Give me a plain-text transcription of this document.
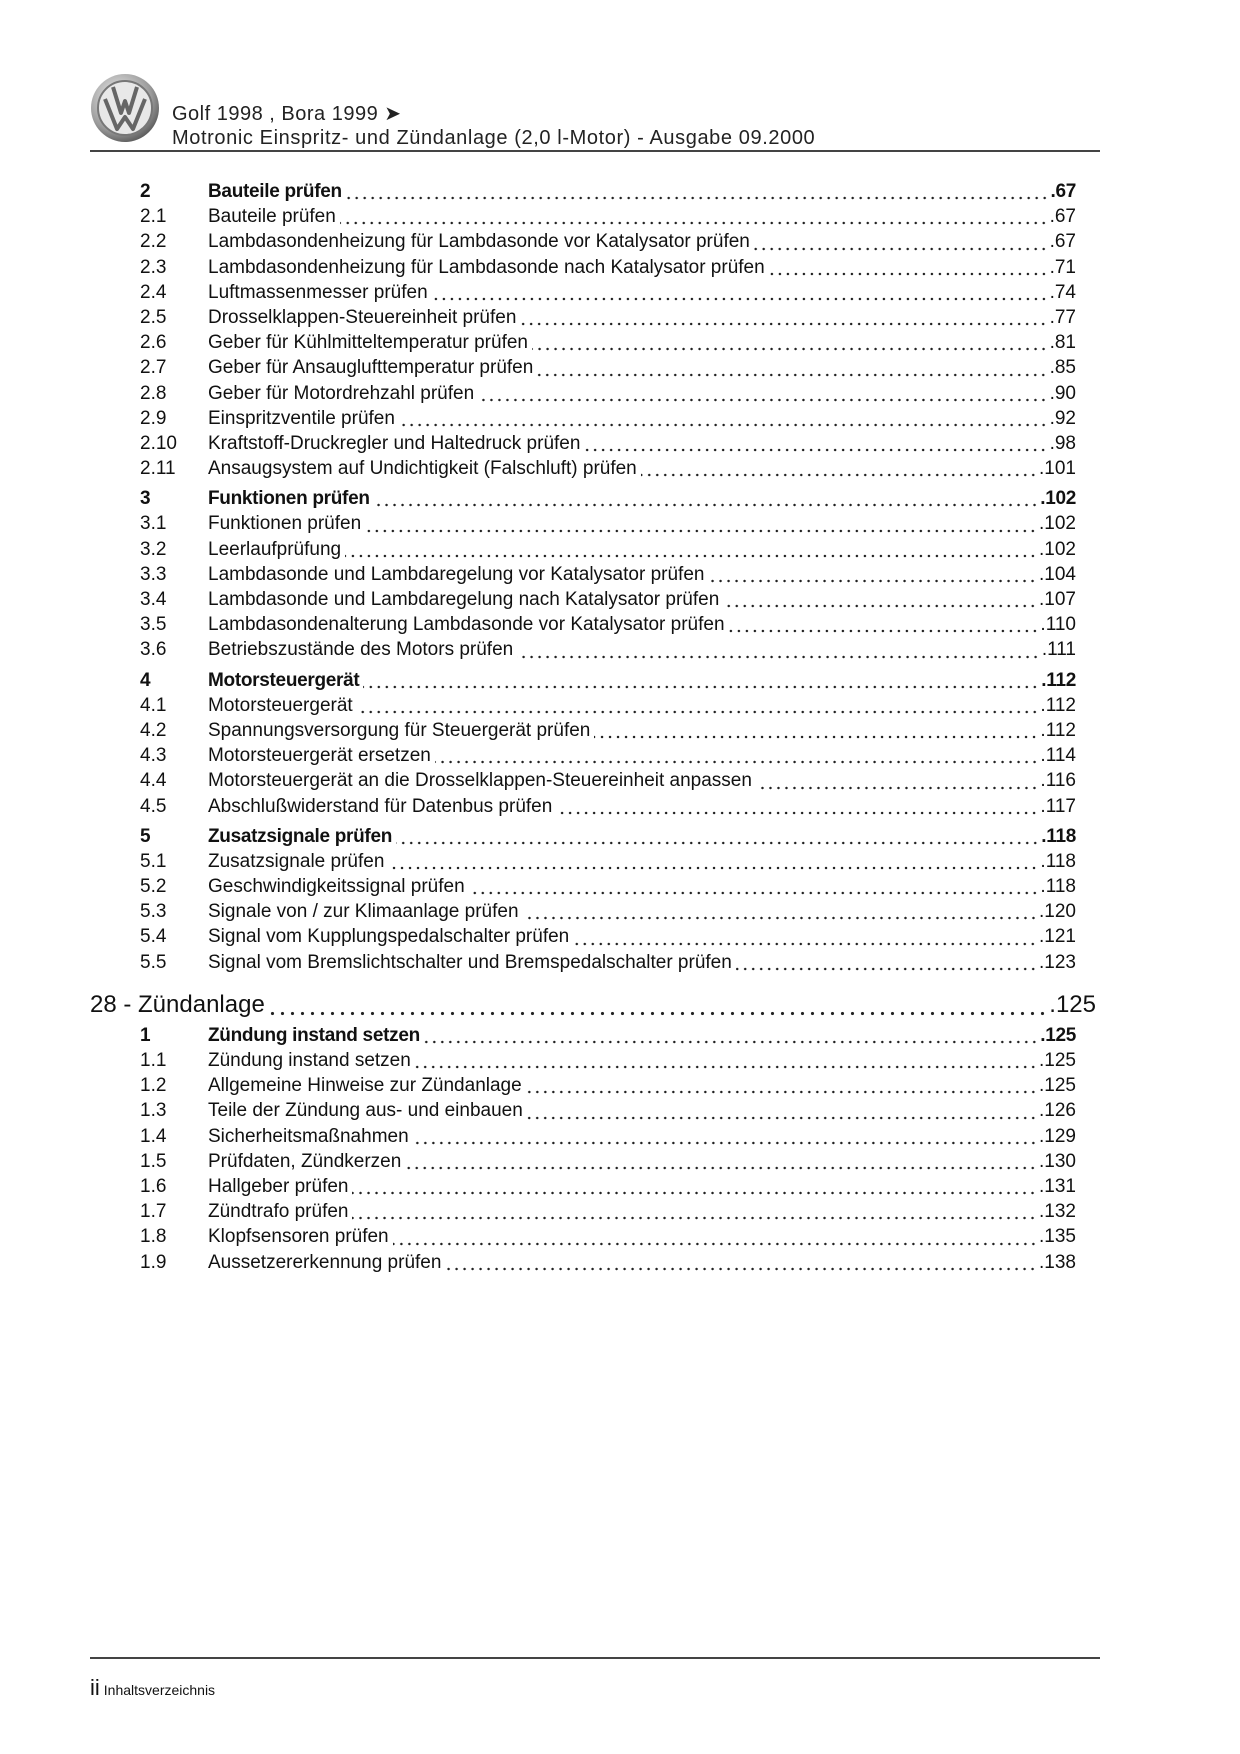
Golf 1998 , Bora 1999 ➤
Motronic Einspritz- und Zündanlage (2,0 l-Motor) - Ausgabe 09.2000
2	Bauteile prüfen	.67
2.1	Bauteile prüfen	.67
2.2	Lambdasondenheizung für Lambdasonde vor Katalysator prüfen	.67
2.3	Lambdasondenheizung für Lambdasonde nach Katalysator prüfen	.71
2.4	Luftmassenmesser prüfen	.74
2.5	Drosselklappen-Steuereinheit prüfen	.77
2.6	Geber für Kühlmitteltemperatur prüfen	.81
2.7	Geber für Ansauglufttemperatur prüfen	.85
2.8	Geber für Motordrehzahl prüfen	.90
2.9	Einspritzventile prüfen	.92
2.10	Kraftstoff-Druckregler und Haltedruck prüfen	.98
2.11	Ansaugsystem auf Undichtigkeit (Falschluft) prüfen	.101
3	Funktionen prüfen	.102
3.1	Funktionen prüfen	.102
3.2	Leerlaufprüfung	.102
3.3	Lambdasonde und Lambdaregelung vor Katalysator prüfen	.104
3.4	Lambdasonde und Lambdaregelung nach Katalysator prüfen	.107
3.5	Lambdasondenalterung Lambdasonde vor Katalysator prüfen	.110
3.6	Betriebszustände des Motors prüfen	.111
4	Motorsteuergerät	.112
4.1	Motorsteuergerät	.112
4.2	Spannungsversorgung für Steuergerät prüfen	.112
4.3	Motorsteuergerät ersetzen	.114
4.4	Motorsteuergerät an die Drosselklappen-Steuereinheit anpassen	.116
4.5	Abschlußwiderstand für Datenbus prüfen	.117
5	Zusatzsignale prüfen	.118
5.1	Zusatzsignale prüfen	.118
5.2	Geschwindigkeitssignal prüfen	.118
5.3	Signale von / zur Klimaanlage prüfen	.120
5.4	Signal vom Kupplungspedalschalter prüfen	.121
5.5	Signal vom Bremslichtschalter und Bremspedalschalter prüfen	.123
28 - Zündanlage	.125
1	Zündung instand setzen	.125
1.1	Zündung instand setzen	.125
1.2	Allgemeine Hinweise zur Zündanlage	.125
1.3	Teile der Zündung aus- und einbauen	.126
1.4	Sicherheitsmaßnahmen	.129
1.5	Prüfdaten, Zündkerzen	.130
1.6	Hallgeber prüfen	.131
1.7	Zündtrafo prüfen	.132
1.8	Klopfsensoren prüfen	.135
1.9	Aussetzererkennung prüfen	.138
ii Inhaltsverzeichnis
